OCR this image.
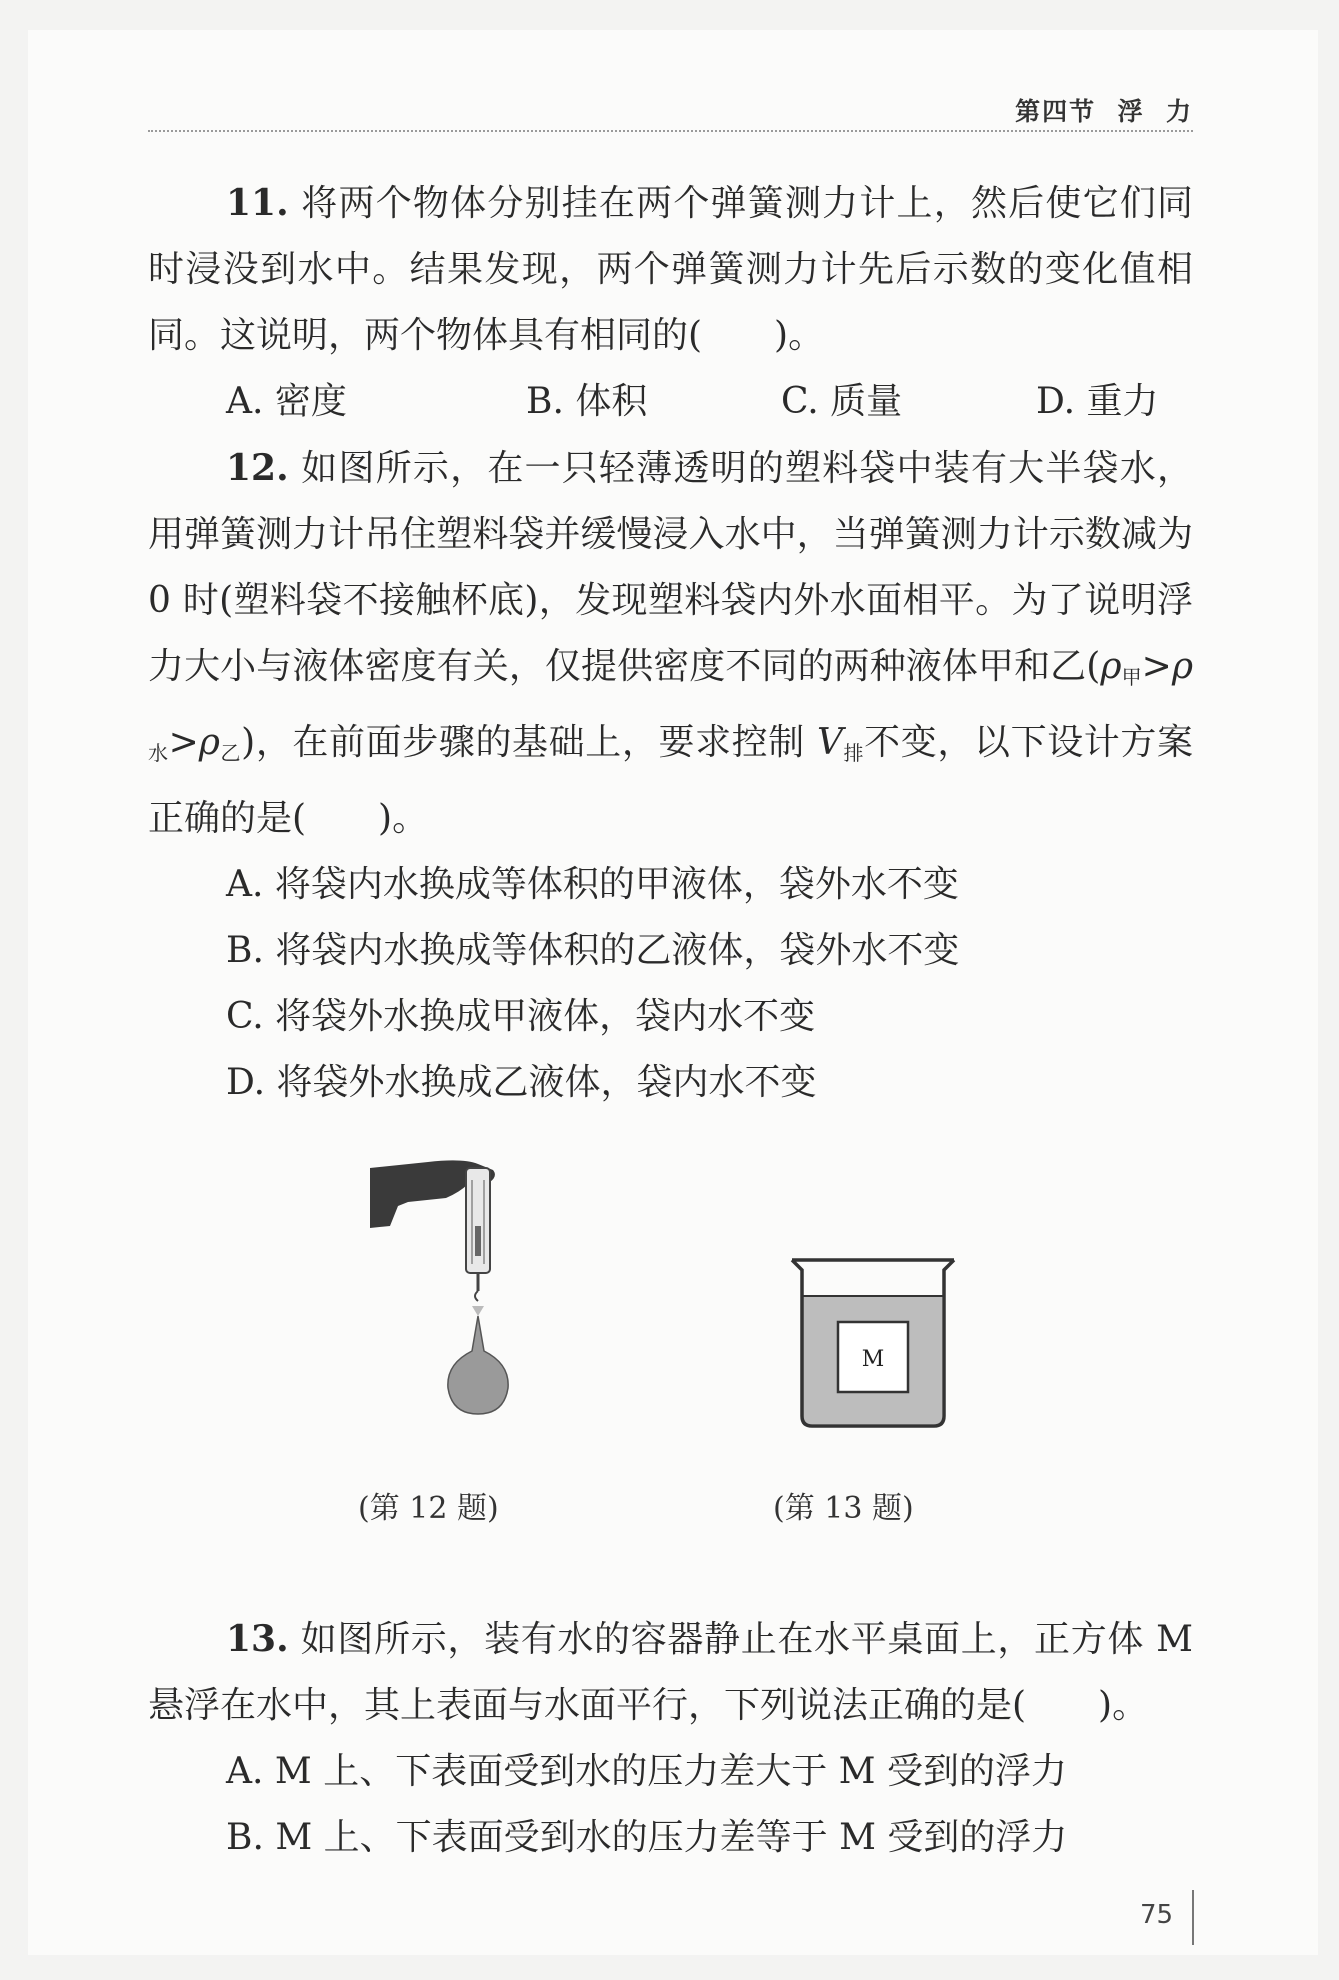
第四节  浮  力

11. 将两个物体分别挂在两个弹簧测力计上，然后使它们同时浸没到水中。结果发现，两个弹簧测力计先后示数的变化值相同。这说明，两个物体具有相同的(　　)。

A. 密度	B. 体积	C. 质量	D. 重力

12. 如图所示，在一只轻薄透明的塑料袋中装有大半袋水，用弹簧测力计吊住塑料袋并缓慢浸入水中，当弹簧测力计示数减为 0 时(塑料袋不接触杯底)，发现塑料袋内外水面相平。为了说明浮力大小与液体密度有关，仅提供密度不同的两种液体甲和乙$(\rho_甲>\rho_水>\rho_乙)$，在前面步骤的基础上，要求控制 $V_排$不变，以下设计方案正确的是(　　)。

A. 将袋内水换成等体积的甲液体，袋外水不变

B. 将袋内水换成等体积的乙液体，袋外水不变

C. 将袋外水换成甲液体，袋内水不变

D. 将袋外水换成乙液体，袋内水不变

(第 12 题)
M
(第 13 题)

13. 如图所示，装有水的容器静止在水平桌面上，正方体 M 悬浮在水中，其上表面与水面平行，下列说法正确的是(　　)。

A. M 上、下表面受到水的压力差大于 M 受到的浮力

B. M 上、下表面受到水的压力差等于 M 受到的浮力

75
